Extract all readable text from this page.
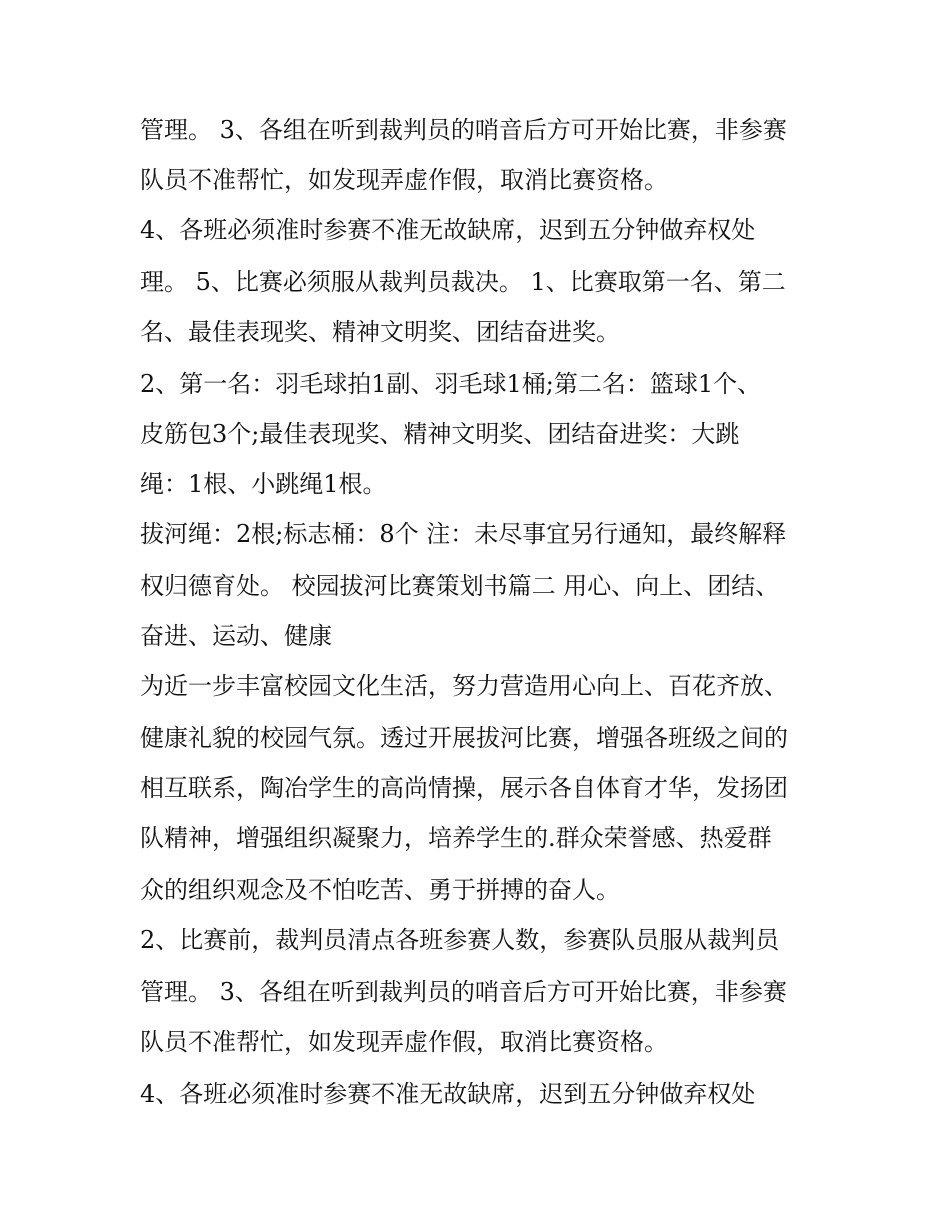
管理。 3、各组在听到裁判员的哨音后方可开始比赛，非参赛
队员不准帮忙，如发现弄虚作假，取消比赛资格。
4、各班必须准时参赛不准无故缺席，迟到五分钟做弃权处
理。 5、比赛必须服从裁判员裁决。 1、比赛取第一名、第二
名、最佳表现奖、精神文明奖、团结奋进奖。
2、第一名：羽毛球拍1副、羽毛球1桶;第二名：篮球1个、
皮筋包3个;最佳表现奖、精神文明奖、团结奋进奖：大跳
绳：1根、小跳绳1根。
拔河绳：2根;标志桶：8个 注：未尽事宜另行通知，最终解释
权归德育处。 校园拔河比赛策划书篇二 用心、向上、团结、
奋进、运动、健康
为近一步丰富校园文化生活，努力营造用心向上、百花齐放、
健康礼貌的校园气氛。透过开展拔河比赛，增强各班级之间的
相互联系，陶冶学生的高尚情操，展示各自体育才华，发扬团
队精神，增强组织凝聚力，培养学生的.群众荣誉感、热爱群
众的组织观念及不怕吃苦、勇于拼搏的奋人。
2、比赛前，裁判员清点各班参赛人数，参赛队员服从裁判员
管理。 3、各组在听到裁判员的哨音后方可开始比赛，非参赛
队员不准帮忙，如发现弄虚作假，取消比赛资格。
4、各班必须准时参赛不准无故缺席，迟到五分钟做弃权处
